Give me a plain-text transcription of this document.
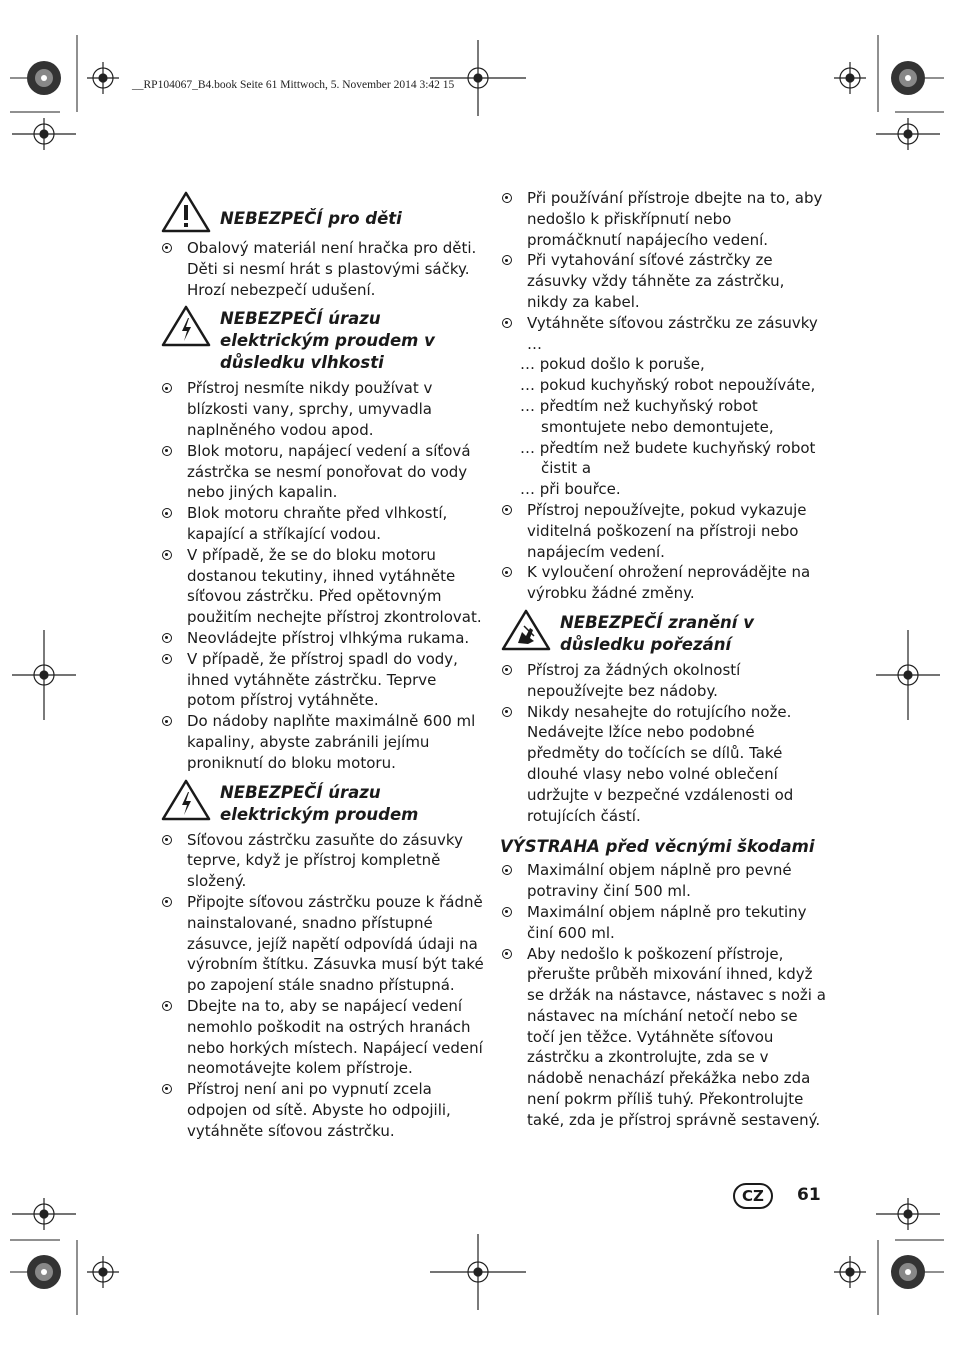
__RP104067_B4.book Seite 61 Mittwoch, 5. November 2014 3:42 15
NEBEZPEČÍ pro děti
Obalový materiál není hračka pro děti. Děti si nesmí hrát s plastovými sáčky. Hrozí nebezpečí udušení.
NEBEZPEČÍ úrazu elektrickým proudem v důsledku vlhkosti
Přístroj nesmíte nikdy používat v blízkosti vany, sprchy, umyvadla naplněného vodou apod.
Blok motoru, napájecí vedení a síťová zástrčka se nesmí ponořovat do vody nebo jiných kapalin.
Blok motoru chraňte před vlhkostí, kapající a stříkající vodou.
V případě, že se do bloku motoru dostanou tekutiny, ihned vytáhněte síťovou zástrčku. Před opětovným použitím nechejte přístroj zkontrolovat.
Neovládejte přístroj vlhkýma rukama.
V případě, že přístroj spadl do vody, ihned vytáhněte zástrčku. Teprve potom přístroj vytáhněte.
Do nádoby naplňte maximálně 600 ml kapaliny, abyste zabránili jejímu proniknutí do bloku motoru.
NEBEZPEČÍ úrazu elektrickým proudem
Síťovou zástrčku zasuňte do zásuvky teprve, když je přístroj kompletně složený.
Připojte síťovou zástrčku pouze k řádně nainstalované, snadno přístupné zásuvce, jejíž napětí odpovídá údaji na výrobním štítku. Zásuvka musí být také po zapojení stále snadno přístupná.
Dbejte na to, aby se napájecí vedení nemohlo poškodit na ostrých hranách nebo horkých místech. Napájecí vedení neomotávejte kolem přístroje.
Přístroj není ani po vypnutí zcela odpojen od sítě. Abyste ho odpojili, vytáhněte síťovou zástrčku.
Při používání přístroje dbejte na to, aby nedošlo k přiskřípnutí nebo promáčknutí napájecího vedení.
Při vytahování síťové zástrčky ze zásuvky vždy táhněte za zástrčku, nikdy za kabel.
Vytáhněte síťovou zástrčku ze zásuvky …
… pokud došlo k poruše,
… pokud kuchyňský robot nepoužíváte,
… předtím než kuchyňský robot smontujete nebo demontujete,
… předtím než budete kuchyňský robot čistit a
… při bouřce.
Přístroj nepoužívejte, pokud vykazuje viditelná poškození na přístroji nebo napájecím vedení.
K vyloučení ohrožení neprovádějte na výrobku žádné změny.
NEBEZPEČÍ zranění v důsledku pořezání
Přístroj za žádných okolností nepoužívejte bez nádoby.
Nikdy nesahejte do rotujícího nože. Nedávejte lžíce nebo podobné předměty do točících se dílů. Také dlouhé vlasy nebo volné oblečení udržujte v bezpečné vzdálenosti od rotujících částí.
VÝSTRAHA před věcnými škodami
Maximální objem náplně pro pevné potraviny činí 500 ml.
Maximální objem náplně pro tekutiny činí 600 ml.
Aby nedošlo k poškození přístroje, přerušte průběh mixování ihned, když se držák na nástavce, nástavec s noži a nástavec na míchání netočí nebo se točí jen těžce. Vytáhněte síťovou zástrčku a zkontrolujte, zda se v nádobě nenachází překážka nebo zda není pokrm příliš tuhý. Překontrolujte také, zda je přístroj správně sestavený.
CZ	61
